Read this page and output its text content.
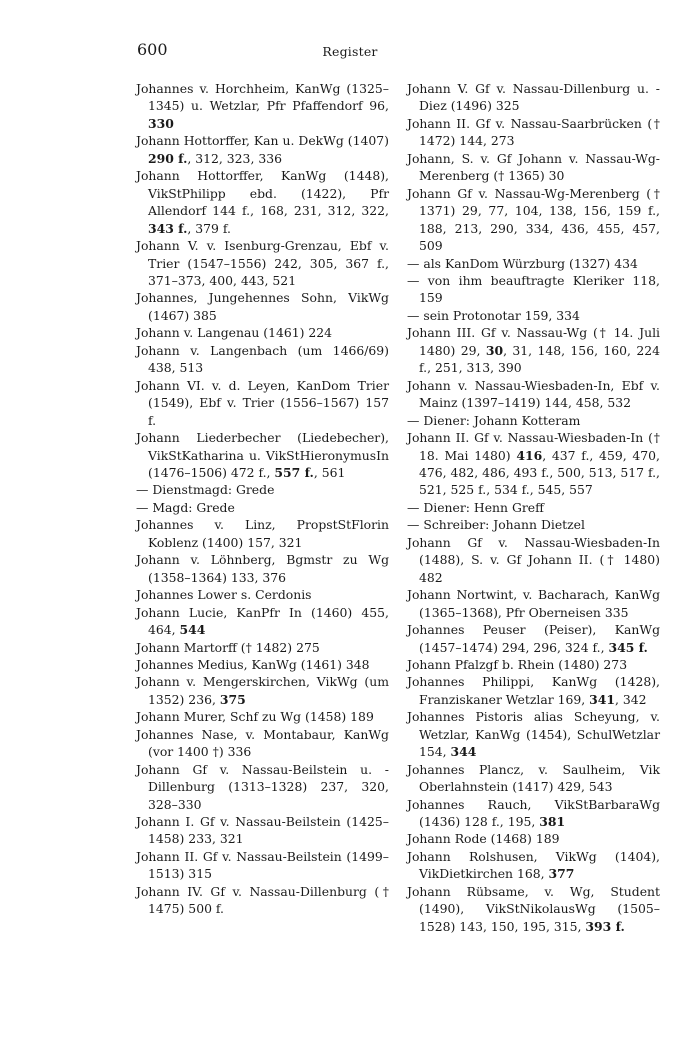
600	Register

Johannes v. Horchheim, KanWg (1325–1345) u. Wetzlar, Pfr Pfaffendorf 96, 330

Johann Hottorffer, Kan u. DekWg (1407) 290 f., 312, 323, 336

Johann Hottorffer, KanWg (1448), VikStPhilipp ebd. (1422), Pfr Allendorf 144 f., 168, 231, 312, 322, 343 f., 379 f.

Johann V. v. Isenburg-Grenzau, Ebf v. Trier (1547–1556) 242, 305, 367 f., 371–373, 400, 443, 521

Johannes, Jungehennes Sohn, VikWg (1467) 385

Johann v. Langenau (1461) 224

Johann v. Langenbach (um 1466/69) 438, 513

Johann VI. v. d. Leyen, KanDom Trier (1549), Ebf v. Trier (1556–1567) 157 f.

Johann Liederbecher (Liedebecher), VikStKatharina u. VikStHieronymusIn (1476–1506) 472 f., 557 f., 561

— Dienstmagd: Grede

— Magd: Grede

Johannes v. Linz, PropstStFlorin Koblenz (1400) 157, 321

Johann v. Löhnberg, Bgmstr zu Wg (1358–1364) 133, 376

Johannes Lower s. Cerdonis

Johann Lucie, KanPfr In (1460) 455, 464, 544

Johann Martorff († 1482) 275

Johannes Medius, KanWg (1461) 348

Johann v. Mengerskirchen, VikWg (um 1352) 236, 375

Johann Murer, Schf zu Wg (1458) 189

Johannes Nase, v. Montabaur, KanWg (vor 1400 †) 336

Johann Gf v. Nassau-Beilstein u. -Dillenburg (1313–1328) 237, 320, 328–330

Johann I. Gf v. Nassau-Beilstein (1425–1458) 233, 321

Johann II. Gf v. Nassau-Beilstein (1499–1513) 315

Johann IV. Gf v. Nassau-Dillenburg († 1475) 500 f.

Johann V. Gf v. Nassau-Dillenburg u. -Diez (1496) 325

Johann II. Gf v. Nassau-Saarbrücken († 1472) 144, 273

Johann, S. v. Gf Johann v. Nassau-Wg-Merenberg († 1365) 30

Johann Gf v. Nassau-Wg-Merenberg († 1371) 29, 77, 104, 138, 156, 159 f., 188, 213, 290, 334, 436, 455, 457, 509

— als KanDom Würzburg (1327) 434

— von ihm beauftragte Kleriker 118, 159

— sein Protonotar 159, 334

Johann III. Gf v. Nassau-Wg († 14. Juli 1480) 29, 30, 31, 148, 156, 160, 224 f., 251, 313, 390

Johann v. Nassau-Wiesbaden-In, Ebf v. Mainz (1397–1419) 144, 458, 532

— Diener: Johann Kotteram

Johann II. Gf v. Nassau-Wiesbaden-In († 18. Mai 1480) 416, 437 f., 459, 470, 476, 482, 486, 493 f., 500, 513, 517 f., 521, 525 f., 534 f., 545, 557

— Diener: Henn Greff

— Schreiber: Johann Dietzel

Johann Gf v. Nassau-Wiesbaden-In (1488), S. v. Gf Johann II. († 1480) 482

Johann Nortwint, v. Bacharach, KanWg (1365–1368), Pfr Oberneisen 335

Johannes Peuser (Peiser), KanWg (1457–1474) 294, 296, 324 f., 345 f.

Johann Pfalzgf b. Rhein (1480) 273

Johannes Philippi, KanWg (1428), Franziskaner Wetzlar 169, 341, 342

Johannes Pistoris alias Scheyung, v. Wetzlar, KanWg (1454), SchulWetzlar 154, 344

Johannes Plancz, v. Saulheim, Vik Oberlahnstein (1417) 429, 543

Johannes Rauch, VikStBarbaraWg (1436) 128 f., 195, 381

Johann Rode (1468) 189

Johann Rolshusen, VikWg (1404), VikDietkirchen 168, 377

Johann Rübsame, v. Wg, Student (1490), VikStNikolausWg (1505–1528) 143, 150, 195, 315, 393 f.
